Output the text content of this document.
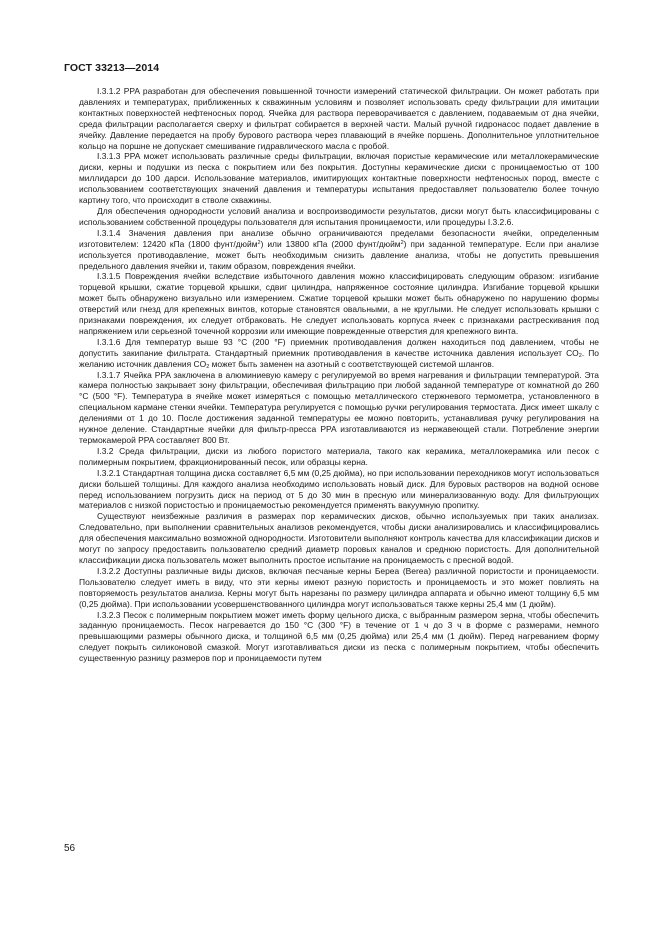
ГОСТ 33213—2014

I.3.1.2 PPA разработан для обеспечения повышенной точности измерений статической фильтрации. Он может работать при давлениях и температурах, приближенных к скважинным условиям и позволяет использовать среду фильтрации для имитации контактных поверхностей нефтеносных пород. Ячейка для раствора переворачивается с давлением, подаваемым от дна ячейки, среда фильтрации располагается сверху и фильтрат собирается в верхней части. Малый ручной гидронасос подает давление в ячейку. Давление передается на пробу бурового раствора через плавающий в ячейке поршень. Дополнительное уплотнительное кольцо на поршне не допускает смешивание гидравлического масла с пробой.

I.3.1.3 PPA может использовать различные среды фильтрации, включая пористые керамические или металлокерамические диски, керны и подушки из песка с покрытием или без покрытия. Доступны керамические диски с проницаемостью от 100 миллидарси до 100 дарси. Использование материалов, имитирующих контактные поверхности нефтеносных пород, вместе с использованием соответствующих значений давления и температуры испытания предоставляет пользователю более точную картину того, что происходит в стволе скважины.

Для обеспечения однородности условий анализа и воспроизводимости результатов, диски могут быть классифицированы с использованием собственной процедуры пользователя для испытания проницаемости, или процедуры I.3.2.6.

I.3.1.4 Значения давления при анализе обычно ограничиваются пределами безопасности ячейки, определенным изготовителем: 12420 кПа (1800 фунт/дюйм$^2$) или 13800 кПа (2000 фунт/дюйм$^2$) при заданной температуре. Если при анализе используется противодавление, может быть необходимым снизить давление анализа, чтобы не допустить превышения предельного давления ячейки и, таким образом, повреждения ячейки.

I.3.1.5 Повреждения ячейки вследствие избыточного давления можно классифицировать следующим образом: изгибание торцевой крышки, сжатие торцевой крышки, сдвиг цилиндра, напряженное состояние цилиндра. Изгибание торцевой крышки может быть обнаружено визуально или измерением. Сжатие торцевой крышки может быть обнаружено по нарушению формы отверстий или гнезд для крепежных винтов, которые становятся овальными, а не круглыми. Не следует использовать крышки с признаками повреждения, их следует отбраковать. Не следует использовать корпуса ячеек с признаками растрескивания под напряжением или серьезной точечной коррозии или имеющие поврежденные отверстия для крепежного винта.

I.3.1.6 Для температур выше 93 °С (200 °F) приемник противодавления должен находиться под давлением, чтобы не допустить закипание фильтрата. Стандартный приемник противодавления в качестве источника давления использует $CO_2$. По желанию источник давления $CO_2$ может быть заменен на азотный с соответствующей системой шлангов.

I.3.1.7 Ячейка PPA заключена в алюминиевую камеру с регулируемой во время нагревания и фильтрации температурой. Эта камера полностью закрывает зону фильтрации, обеспечивая фильтрацию при любой заданной температуре от комнатной до 260 °С (500 °F). Температура в ячейке может измеряться с помощью металлического стержневого термометра, установленного в специальном кармане стенки ячейки. Температура регулируется с помощью ручки регулирования термостата. Диск имеет шкалу с делениями от 1 до 10. После достижения заданной температуры ее можно повторить, устанавливая ручку регулирования на нужное деление. Стандартные ячейки для фильтр-пресса PPA изготавливаются из нержавеющей стали. Потребление энергии термокамерой PPA составляет 800 Вт.

I.3.2 Среда фильтрации, диски из любого пористого материала, такого как керамика, металлокерамика или песок с полимерным покрытием, фракционированный песок, или образцы керна.

I.3.2.1 Стандартная толщина диска составляет 6,5 мм (0,25 дюйма), но при использовании переходников могут использоваться диски большей толщины. Для каждого анализа необходимо использовать новый диск. Для буровых растворов на водной основе перед использованием погрузить диск на период от 5 до 30 мин в пресную или минерализованную воду. Для фильтрующих материалов с низкой пористостью и проницаемостью рекомендуется применять вакуумную пропитку.

Существуют неизбежные различия в размерах пор керамических дисков, обычно используемых при таких анализах. Следовательно, при выполнении сравнительных анализов рекомендуется, чтобы диски анализировались и классифицировались для обеспечения максимально возможной однородности. Изготовители выполняют контроль качества для классификации дисков и могут по запросу предоставить пользователю средний диаметр поровых каналов и среднюю пористость. Для дополнительной классификации диска пользователь может выполнить простое испытание на проницаемость с пресной водой.

I.3.2.2 Доступны различные виды дисков, включая песчаные керны Береа (Berea) различной пористости и проницаемости. Пользователю следует иметь в виду, что эти керны имеют разную пористость и проницаемость и это может повлиять на повторяемость результатов анализа. Керны могут быть нарезаны по размеру цилиндра аппарата и обычно имеют толщину 6,5 мм (0,25 дюйма). При использовании усовершенствованного цилиндра могут использоваться также керны 25,4 мм (1 дюйм).

I.3.2.3 Песок с полимерным покрытием может иметь форму цельного диска, с выбранным размером зерна, чтобы обеспечить заданную проницаемость. Песок нагревается до 150 °С (300 °F) в течение от 1 ч до 3 ч в форме с размерами, немного превышающими размеры обычного диска, и толщиной 6,5 мм (0,25 дюйма) или 25,4 мм (1 дюйм). Перед нагреванием форму следует покрыть силиконовой смазкой. Могут изготавливаться диски из песка с полимерным покрытием, чтобы обеспечить существенную разницу размеров пор и проницаемости путем

56
